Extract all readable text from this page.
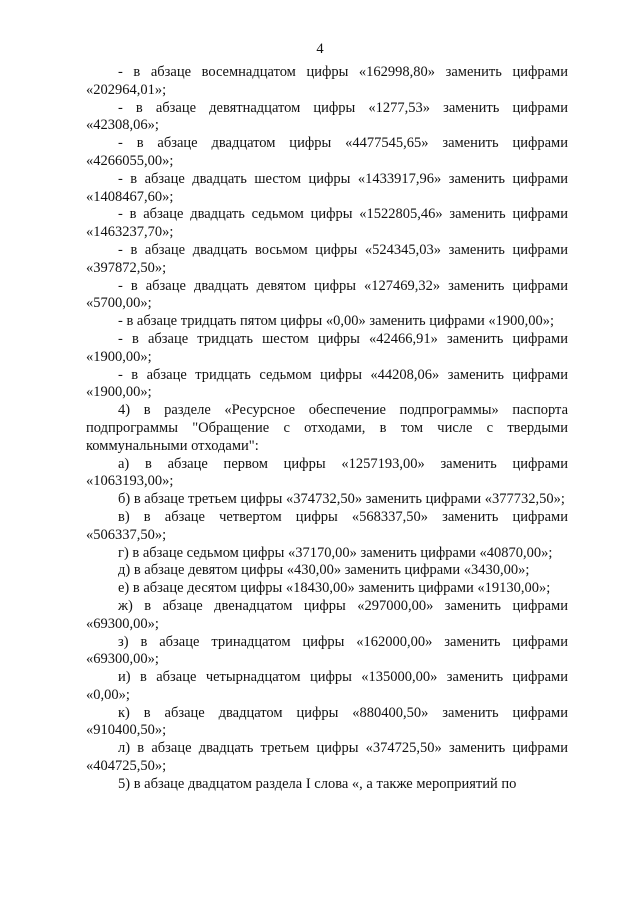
4

- в абзаце восемнадцатом цифры «162998,80» заменить цифрами «202964,01»;

- в абзаце девятнадцатом цифры «1277,53» заменить цифрами «42308,06»;

- в абзаце двадцатом цифры «4477545,65» заменить цифрами «4266055,00»;

- в абзаце двадцать шестом цифры «1433917,96» заменить цифрами «1408467,60»;

- в абзаце двадцать седьмом цифры «1522805,46» заменить цифрами «1463237,70»;

- в абзаце двадцать восьмом цифры «524345,03» заменить цифрами «397872,50»;

- в абзаце двадцать девятом цифры «127469,32» заменить цифрами «5700,00»;

- в абзаце тридцать пятом цифры «0,00» заменить цифрами «1900,00»;

- в абзаце тридцать шестом цифры «42466,91» заменить цифрами «1900,00»;

- в абзаце тридцать седьмом цифры «44208,06» заменить цифрами «1900,00»;

4) в разделе «Ресурсное обеспечение подпрограммы» паспорта подпрограммы "Обращение с отходами, в том числе с твердыми коммунальными отходами":

а) в абзаце первом цифры «1257193,00» заменить цифрами «1063193,00»;

б) в абзаце третьем цифры «374732,50» заменить цифрами «377732,50»;

в) в абзаце четвертом цифры «568337,50» заменить цифрами «506337,50»;

г) в абзаце седьмом цифры «37170,00» заменить цифрами «40870,00»;

д) в абзаце девятом цифры «430,00» заменить цифрами «3430,00»;

е) в абзаце десятом цифры «18430,00» заменить цифрами «19130,00»;

ж) в абзаце двенадцатом цифры «297000,00» заменить цифрами «69300,00»;

з) в абзаце тринадцатом цифры «162000,00» заменить цифрами «69300,00»;

и) в абзаце четырнадцатом цифры «135000,00» заменить цифрами «0,00»;

к) в абзаце двадцатом цифры «880400,50» заменить цифрами «910400,50»;

л) в абзаце двадцать третьем цифры «374725,50» заменить цифрами «404725,50»;

5) в абзаце двадцатом раздела I слова «, а также мероприятий по
